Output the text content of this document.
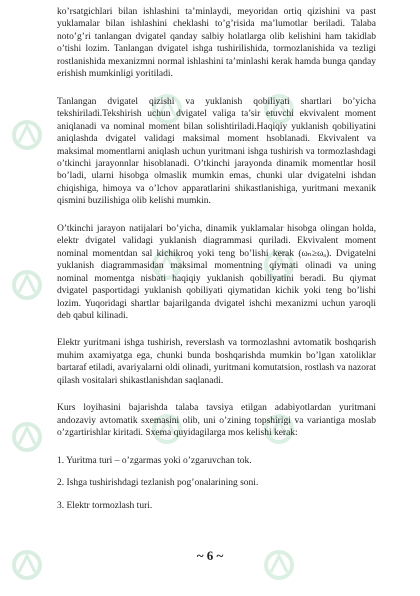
ko’rsatgichlari bilan ishlashini ta’minlaydi, meyoridan ortiq qizishini va past yuklamalar bilan ishlashini cheklashi to’g’risida ma’lumotlar beriladi. Talaba noto’g’ri tanlangan dvigatel qanday salbiy holatlarga olib kelishini ham takidlab o’tishi lozim. Tanlangan dvigatel ishga tushirilishida, tormozlanishida va tezligi rostlanishida mexanizmni normal ishlashini ta’minlashi kerak hamda bunga qanday erishish mumkinligi yoritiladi.

Tanlangan dvigatel qizishi va yuklanish qobiliyati shartlari bo’yicha tekshiriladi.Tekshirish uchun dvigatel valiga ta’sir etuvchi ekvivalent moment aniqlanadi va nominal moment bilan solishtiriladi.Haqiqiy yuklanish qobiliyatini aniqlashda dvigatel validagi maksimal moment hsoblanadi. Ekvivalent va maksimal momentlarni aniqlash uchun yuritmani ishga tushirish va tormozlashdagi o’tkinchi jarayonnlar hisoblanadi. O’tkinchi jarayonda dinamik momentlar hosil bo’ladi, ularni hisobga olmaslik mumkin emas, chunki ular dvigatelni ishdan chiqishiga, himoya va o’lchov apparatlarini shikastlanishiga, yuritmani mexanik qismini buzilishiga olib kelishi mumkin.

O’tkinchi jarayon natijalari bo’yicha, dinamik yuklamalar hisobga olingan holda, elektr dvigatel validagi yuklanish diagrammasi quriladi. Ekvivalent moment nominal momentdan sal kichikroq yoki teng bo’lishi kerak (ωₙ≥ωₐ). Dvigatelni yuklanish diagrammasidan maksimal momentning qiymati olinadi va uning nominal momentga nisbati haqiqiy yuklanish qobiliyatini beradi. Bu qiymat dvigatel pasportidagi yuklanish qobiliyati qiymatidan kichik yoki teng bo’lishi lozim. Yuqoridagi shartlar bajarilganda dvigatel ishchi mexanizmi uchun yaroqli deb qabul kilinadi.

Elektr yuritmani ishga tushirish, reverslash va tormozlashni avtomatik boshqarish muhim axamiyatga ega, chunki bunda boshqarishda mumkin bo’lgan xatoliklar bartaraf etiladi, avariyalarni oldi olinadi, yuritmani komutatsion, rostlash va nazorat qilash vositalari shikastlanishdan saqlanadi.

Kurs loyihasini bajarishda talaba tavsiya etilgan adabiyotlardan yuritmani andozaviy avtomatik sxemasini olib, uni o’zining topshirigi va variantiga moslab o’zgartirishlar kiritadi. Sxema quyidagilarga mos kelishi kerak:

1. Yuritma turi – o’zgarmas yoki o’zgaruvchan tok.

2. Ishga tushirishdagi tezlanish pog’onalarining soni.

3. Elektr tormozlash turi.

~ 6 ~
